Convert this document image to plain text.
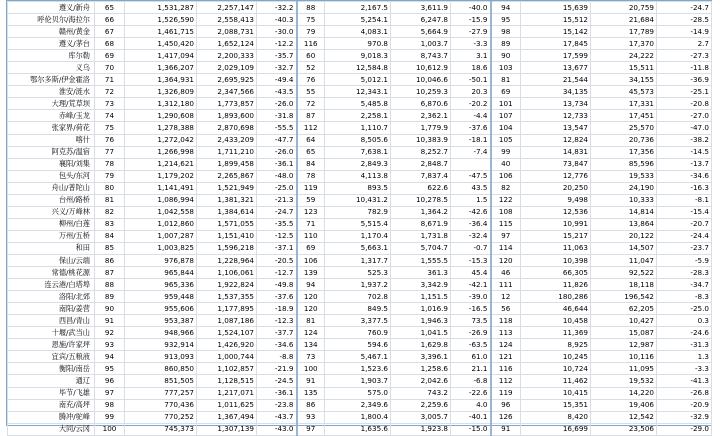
遵义/新舟	65	1,531,287	2,257,147	-32.2	88	2,167.5	3,611.9	-40.0	94	15,639	20,759	-24.7
呼伦贝尔/海拉尔	66	1,526,590	2,558,413	-40.3	75	5,254.1	6,247.8	-15.9	95	15,512	21,684	-28.5
赣州/黄金	67	1,461,715	2,088,731	-30.0	79	4,083.1	5,664.9	-27.9	98	15,142	17,789	-14.9
遵义/茅台	68	1,450,420	1,652,124	-12.2	116	970.8	1,003.7	-3.3	89	17,845	17,370	2.7
库尔勒	69	1,417,094	2,200,333	-35.7	60	9,018.3	8,743.7	3.1	90	17,599	24,222	-27.3
义乌	70	1,366,207	2,029,109	-32.7	52	12,584.8	10,612.9	18.6	103	13,677	15,511	-11.8
鄂尔多斯/伊金霍洛	71	1,364,931	2,695,925	-49.4	76	5,012.1	10,046.6	-50.1	81	21,544	34,155	-36.9
淮安/涟水	72	1,326,809	2,347,566	-43.5	55	12,343.1	10,259.3	20.3	69	34,135	45,573	-25.1
大理/荒草坝	73	1,312,180	1,773,857	-26.0	72	5,485.8	6,870.6	-20.2	101	13,734	17,331	-20.8
赤峰/玉龙	74	1,290,608	1,893,600	-31.8	87	2,258.1	2,362.1	-4.4	107	12,733	17,451	-27.0
张家界/荷花	75	1,278,388	2,870,698	-55.5	112	1,110.7	1,779.9	-37.6	104	13,547	25,570	-47.0
喀什	76	1,272,042	2,433,209	-47.7	64	8,505.6	10,383.9	-18.1	105	12,824	20,736	-38.2
阿克苏/温宿	77	1,266,998	1,711,210	-26.0	65	7,638.1	8,252.7	-7.4	99	14,831	17,356	-14.5
襄阳/刘集	78	1,214,621	1,899,458	-36.1	84	2,849.3	2,848.7		40	73,847	85,596	-13.7
包头/东河	79	1,179,202	2,265,867	-48.0	78	4,113.8	7,837.4	-47.5	106	12,776	19,533	-34.6
舟山/普陀山	80	1,141,491	1,521,949	-25.0	119	893.5	622.6	43.5	82	20,250	24,190	-16.3
台州/路桥	81	1,086,994	1,381,321	-21.3	59	10,431.2	10,278.5	1.5	122	9,498	10,333	-8.1
兴义/万峰林	82	1,042,558	1,384,614	-24.7	123	782.9	1,364.2	-42.6	108	12,536	14,814	-15.4
柳州/白莲	83	1,012,860	1,571,055	-35.5	71	5,515.4	8,671.9	-36.4	115	10,991	13,864	-20.7
万州/五桥	84	1,007,287	1,151,410	-12.5	110	1,170.4	1,731.8	-32.4	97	15,217	20,122	-24.4
和田	85	1,003,825	1,596,218	-37.1	69	5,663.1	5,704.7	-0.7	114	11,063	14,507	-23.7
保山/云端	86	976,878	1,228,964	-20.5	106	1,317.7	1,555.5	-15.3	120	10,398	11,047	-5.9
常德/桃花源	87	965,844	1,106,061	-12.7	139	525.3	361.3	45.4	46	66,305	92,522	-28.3
连云港/白塔埠	88	965,336	1,922,824	-49.8	94	1,937.2	3,342.9	-42.1	111	11,826	18,118	-34.7
洛阳/北郊	89	959,448	1,537,355	-37.6	120	702.8	1,151.5	-39.0	12	180,286	196,542	-8.3
南阳/姜营	90	955,606	1,177,895	-18.9	120	849.5	1,016.9	-16.5	56	46,644	62,205	-25.0
西昌/青山	91	953,387	1,087,186	-12.3	81	3,377.5	1,946.3	73.5	118	10,458	10,427	0.3
十堰/武当山	92	948,966	1,524,107	-37.7	124	760.9	1,041.5	-26.9	113	11,369	15,087	-24.6
恩施/许家坪	93	932,914	1,426,920	-34.6	134	594.6	1,629.8	-63.5	124	8,925	12,987	-31.3
宜宾/五粮液	94	913,093	1,000,744	-8.8	73	5,467.1	3,396.1	61.0	121	10,245	10,116	1.3
衡阳/南岳	95	860,850	1,102,857	-21.9	100	1,523.6	1,258.6	21.1	116	10,724	11,095	-3.3
通辽	96	851,505	1,128,515	-24.5	91	1,903.7	2,042.6	-6.8	112	11,462	19,532	-41.3
毕节/飞雄	97	777,257	1,217,071	-36.1	135	575.0	743.2	-22.6	119	10,415	14,220	-26.8
南充/高坪	98	770,436	1,011,625	-23.8	86	2,349.6	2,259.6	4.0	96	15,351	19,406	-20.9
腾冲/驼峰	99	770,252	1,367,494	-43.7	93	1,800.4	3,005.7	-40.1	126	8,420	12,542	-32.9
大同/云冈	100	745,373	1,307,139	-43.0	97	1,635.6	1,923.8	-15.0	91	16,699	23,506	-29.0
